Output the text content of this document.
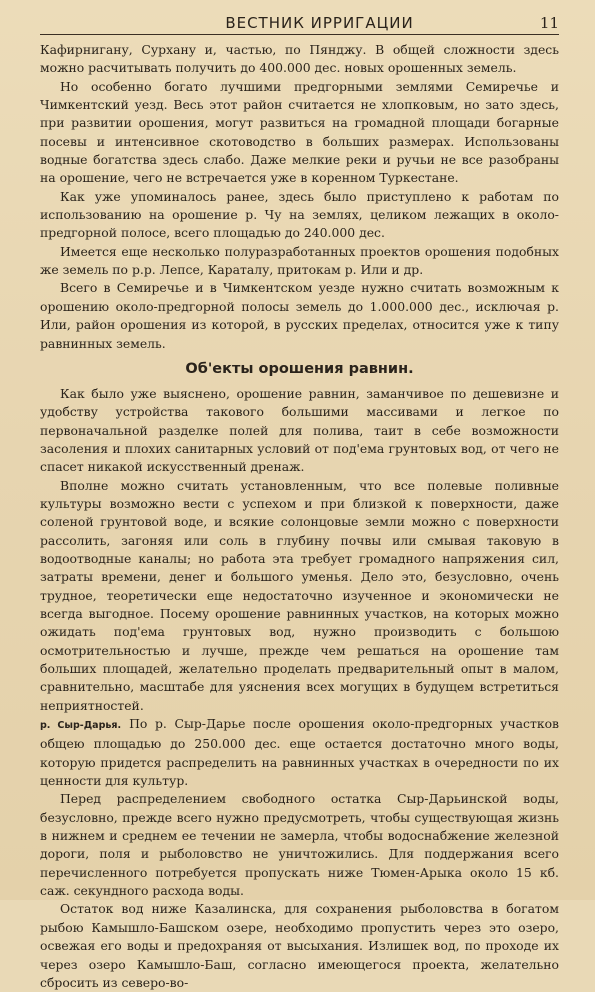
ВЕСТНИК ИРРИГАЦИИ	11

Кафирнигану, Сурхану и, частью, по Пянджу. В общей сложности здесь можно расчитывать получить до 400.000 дес. новых орошенных земель.

Но особенно богато лучшими предгорными землями Семиречье и Чимкентский уезд. Весь этот район считается не хлопковым, но зато здесь, при развитии орошения, могут развиться на громадной площади богарные посевы и интенсивное скотоводство в больших размерах. Использованы водные богатства здесь слабо. Даже мелкие реки и ручьи не все разобраны на орошение, чего не встречается уже в коренном Туркестане.

Как уже упоминалось ранее, здесь было приступлено к работам по использованию на орошение р. Чу на землях, целиком лежащих в около-предгорной полосе, всего площадью до 240.000 дес.

Имеется еще несколько полуразработанных проектов орошения подобных же земель по р.р. Лепсе, Караталу, притокам р. Или и др.

Всего в Семиречье и в Чимкентском уезде нужно считать возможным к орошению около-предгорной полосы земель до 1.000.000 дес., исключая р. Или, район орошения из которой, в русских пределах, относится уже к типу равнинных земель.

Об'екты орошения равнин.

Как было уже выяснено, орошение равнин, заманчивое по дешевизне и удобству устройства такового большими массивами и легкое по первоначальной разделке полей для полива, таит в себе возможности засоления и плохих санитарных условий от под'ема грунтовых вод, от чего не спасет никакой искусственный дренаж.

Вполне можно считать установленным, что все полевые поливные культуры возможно вести с успехом и при близкой к поверхности, даже соленой грунтовой воде, и всякие солонцовые земли можно с поверхности рассолить, загоняя или соль в глубину почвы или смывая таковую в водоотводные каналы; но работа эта требует громадного напряжения сил, затраты времени, денег и большого уменья. Дело это, безусловно, очень трудное, теоретически еще недостаточно изученное и экономически не всегда выгодное. Посему орошение равнинных участков, на которых можно ожидать под'ема грунтовых вод, нужно производить с большою осмотрительностью и лучше, прежде чем решаться на орошение там больших площадей, желательно проделать предварительный опыт в малом, сравнительно, масштабе для уяснения всех могущих в будущем встретиться неприятностей.

р. Сыр-Дарья. По р. Сыр-Дарье после орошения около-предгорных участков общею площадью до 250.000 дес. еще остается достаточно много воды, которую придется распределить на равнинных участках в очередности по их ценности для культур.

Перед распределением свободного остатка Сыр-Дарьинской воды, безусловно, прежде всего нужно предусмотреть, чтобы существующая жизнь в нижнем и среднем ее течении не замерла, чтобы водоснабжение железной дороги, поля и рыболовство не уничтожились. Для поддержания всего перечисленного потребуется пропускать ниже Тюмен-Арыка около 15 кб. саж. секундного расхода воды.

Остаток вод ниже Казалинска, для сохранения рыболовства в богатом рыбою Камышло-Башском озере, необходимо пропустить через это озеро, освежая его воды и предохраняя от высыхания. Излишек вод, по проходе их через озеро Камышло-Баш, согласно имеющегося проекта, желательно сбросить из северо-во-
